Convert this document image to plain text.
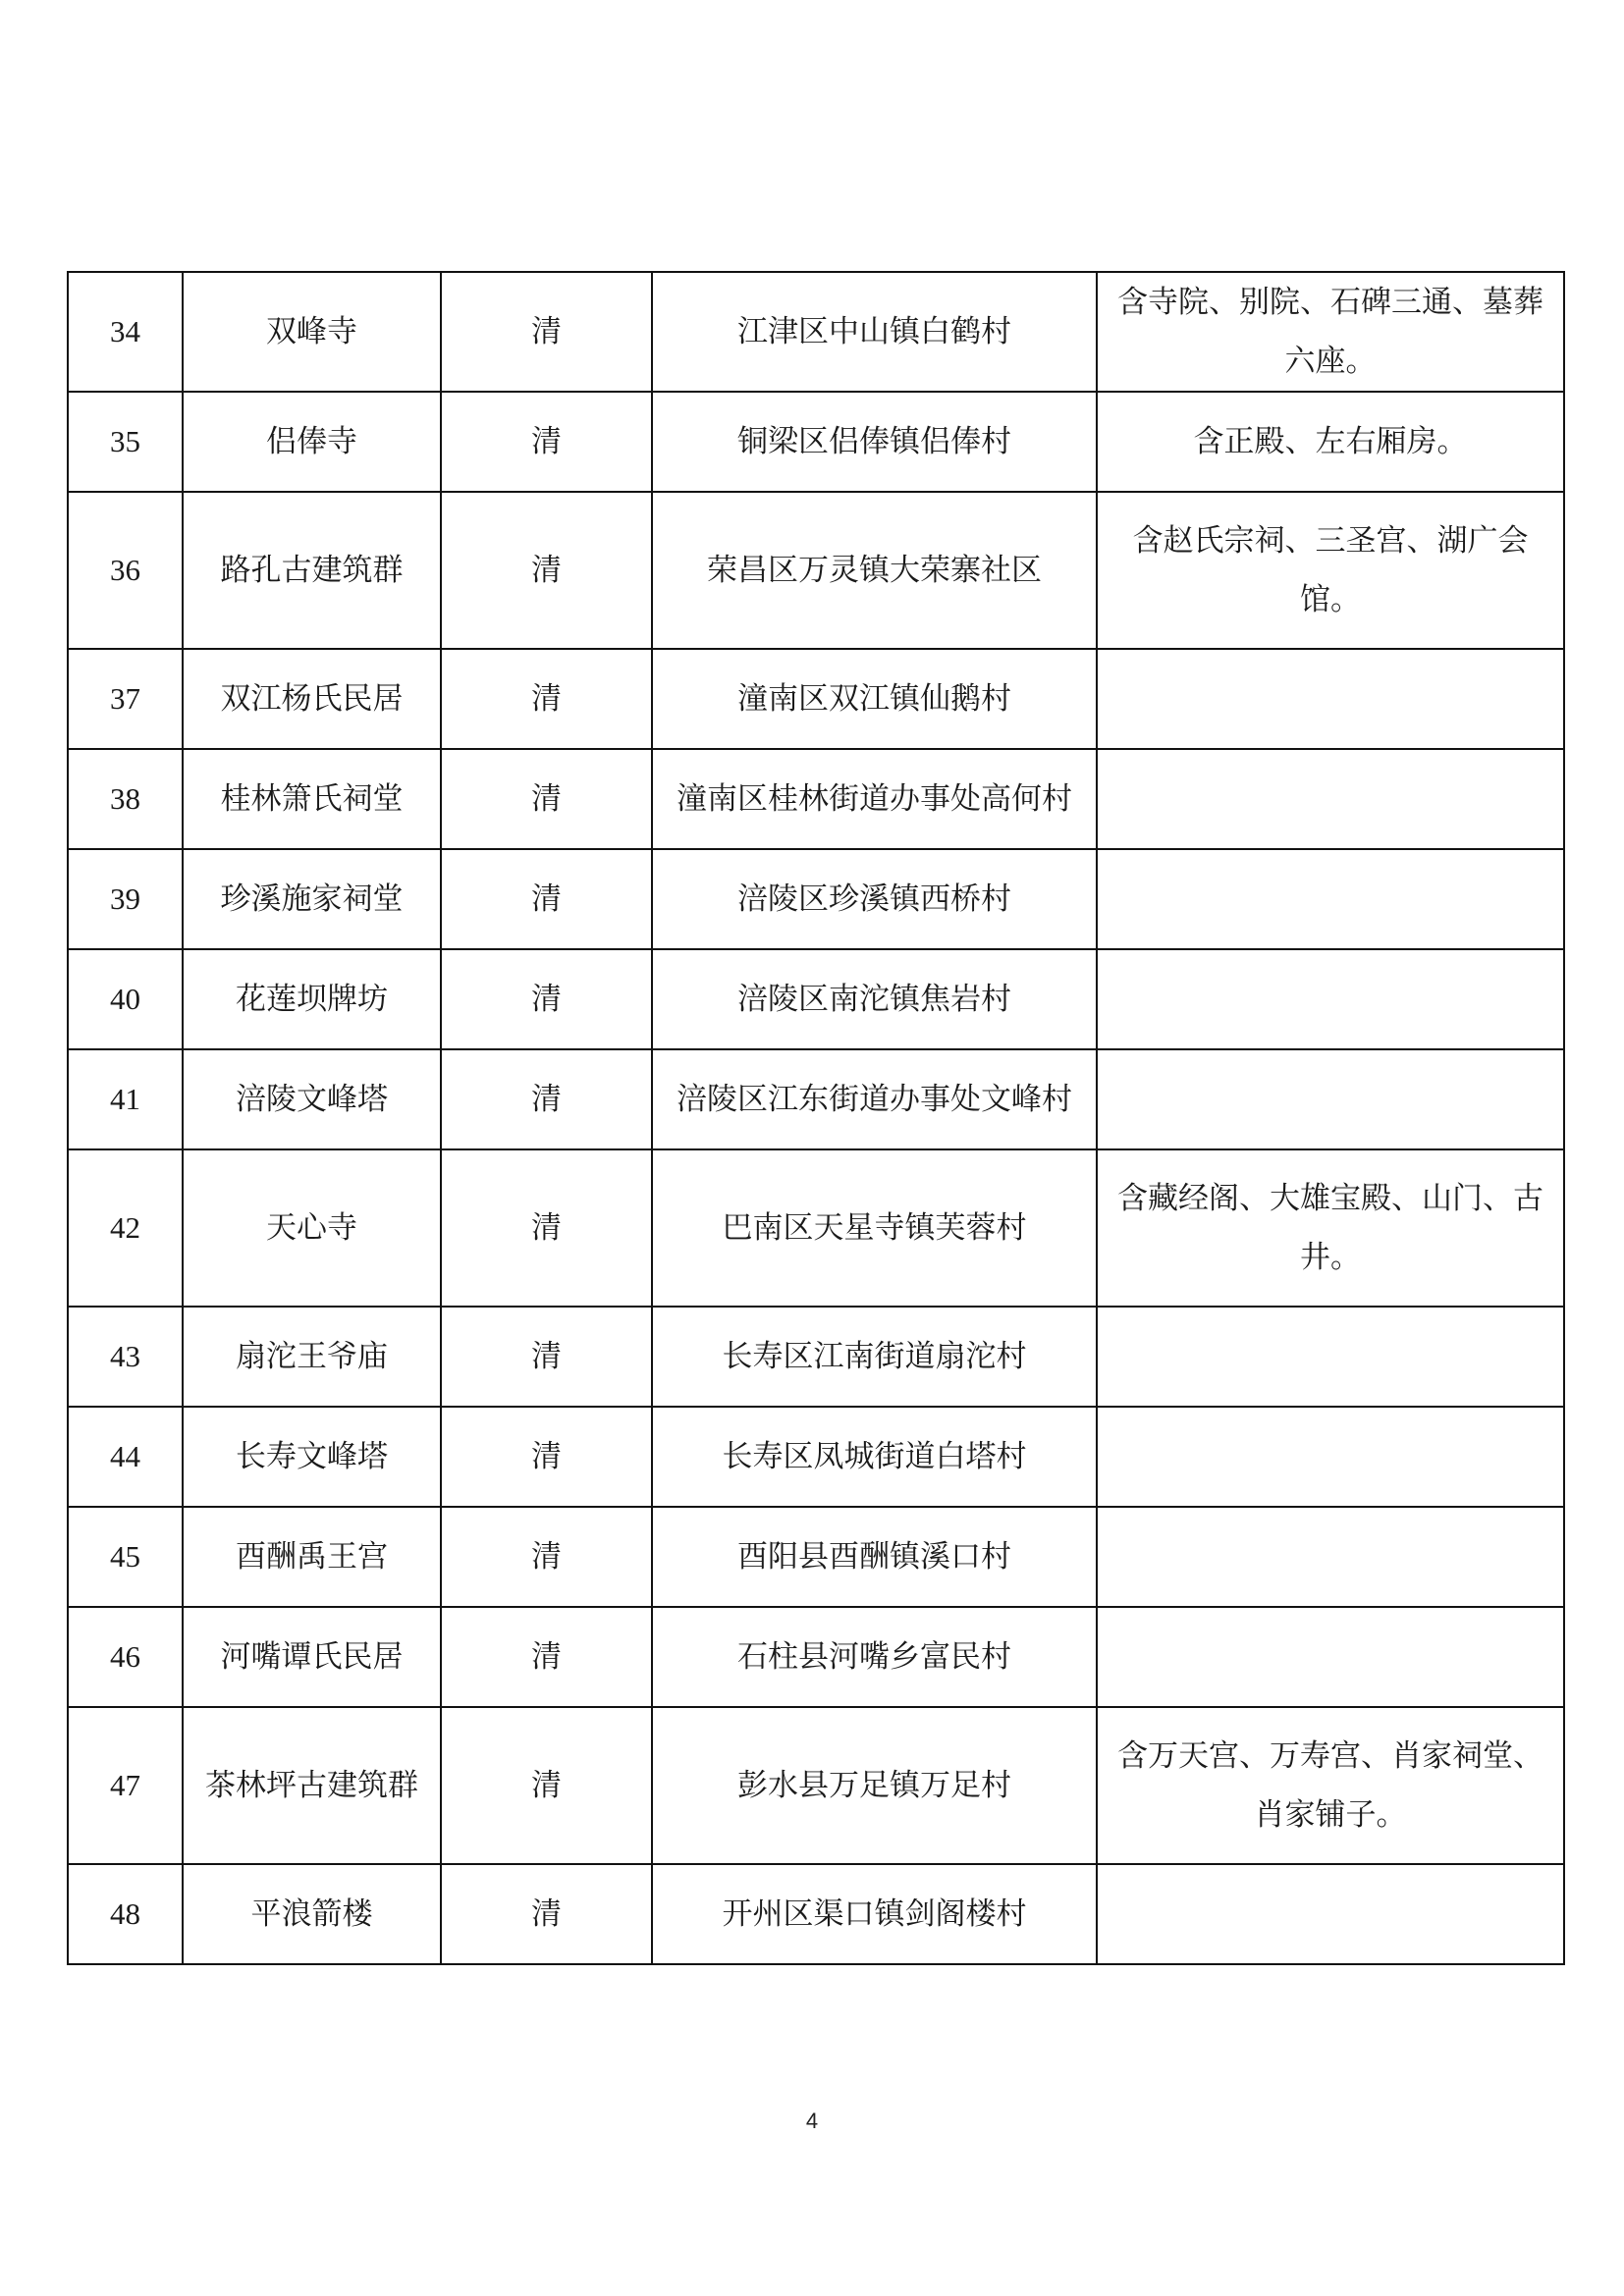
34	双峰寺	清	江津区中山镇白鹤村	含寺院、别院、石碑三通、墓葬六座。
35	侣俸寺	清	铜梁区侣俸镇侣俸村	含正殿、左右厢房。
36	路孔古建筑群	清	荣昌区万灵镇大荣寨社区	含赵氏宗祠、三圣宫、湖广会馆。
37	双江杨氏民居	清	潼南区双江镇仙鹅村	
38	桂林箫氏祠堂	清	潼南区桂林街道办事处高何村	
39	珍溪施家祠堂	清	涪陵区珍溪镇西桥村	
40	花莲坝牌坊	清	涪陵区南沱镇焦岩村	
41	涪陵文峰塔	清	涪陵区江东街道办事处文峰村	
42	天心寺	清	巴南区天星寺镇芙蓉村	含藏经阁、大雄宝殿、山门、古井。
43	扇沱王爷庙	清	长寿区江南街道扇沱村	
44	长寿文峰塔	清	长寿区凤城街道白塔村	
45	酉酬禹王宫	清	酉阳县酉酬镇溪口村	
46	河嘴谭氏民居	清	石柱县河嘴乡富民村	
47	茶林坪古建筑群	清	彭水县万足镇万足村	含万天宫、万寿宫、肖家祠堂、肖家铺子。
48	平浪箭楼	清	开州区渠口镇剑阁楼村	
4
